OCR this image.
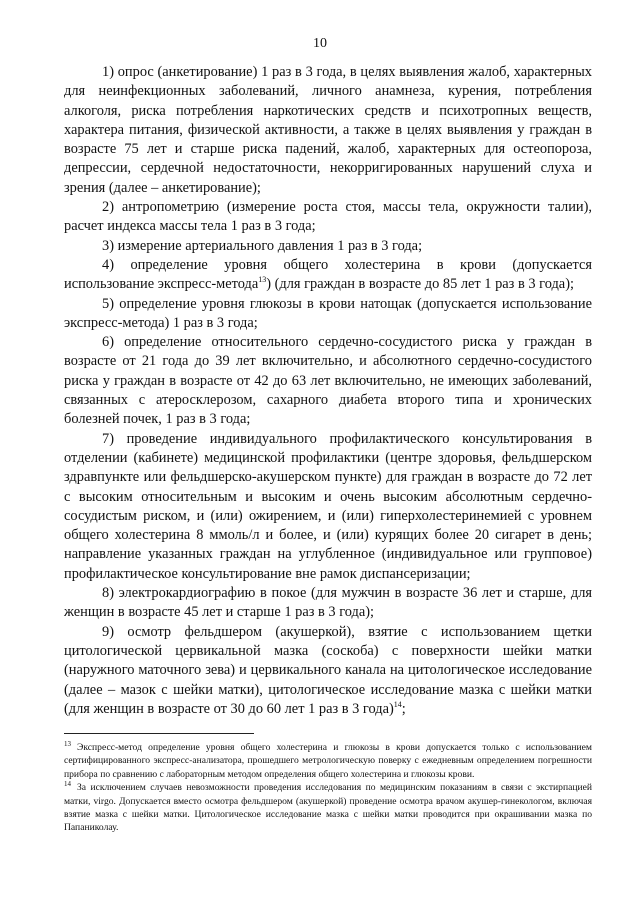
10

1) опрос (анкетирование) 1 раз в 3 года, в целях выявления жалоб, характерных для неинфекционных заболеваний, личного анамнеза, курения, потребления алкоголя, риска потребления наркотических средств и психотропных веществ, характера питания, физической активности, а также в целях выявления у граждан в возрасте 75 лет и старше риска падений, жалоб, характерных для остеопороза, депрессии, сердечной недостаточности, некорригированных нарушений слуха и зрения (далее – анкетирование);

2) антропометрию (измерение роста стоя, массы тела, окружности талии), расчет индекса массы тела 1 раз в 3 года;

3) измерение артериального давления 1 раз в 3 года;

4) определение уровня общего холестерина в крови (допускается использование экспресс-метода$^{13}$) (для граждан в возрасте до 85 лет 1 раз в 3 года);

5) определение уровня глюкозы в крови натощак (допускается использование экспресс-метода) 1 раз в 3 года;

6) определение относительного сердечно-сосудистого риска у граждан в возрасте от 21 года до 39 лет включительно, и абсолютного сердечно-сосудистого риска у граждан в возрасте от 42 до 63 лет включительно, не имеющих заболеваний, связанных с атеросклерозом, сахарного диабета второго типа и хронических болезней почек, 1 раз в 3 года;

7) проведение индивидуального профилактического консультирования в отделении (кабинете) медицинской профилактики (центре здоровья, фельдшерском здравпункте или фельдшерско-акушерском пункте) для граждан в возрасте до 72 лет с высоким относительным и высоким и очень высоким абсолютным сердечно-сосудистым риском, и (или) ожирением, и (или) гиперхолестеринемией с уровнем общего холестерина 8 ммоль/л и более, и (или) курящих более 20 сигарет в день; направление указанных граждан на углубленное (индивидуальное или групповое) профилактическое консультирование вне рамок диспансеризации;

8) электрокардиографию в покое (для мужчин в возрасте 36 лет и старше, для женщин в возрасте 45 лет и старше 1 раз в 3 года);

9) осмотр фельдшером (акушеркой), взятие с использованием щетки цитологической цервикальной мазка (соскоба) с поверхности шейки матки (наружного маточного зева) и цервикального канала на цитологическое исследование (далее – мазок с шейки матки), цитологическое исследование мазка с шейки матки (для женщин в возрасте от 30 до 60 лет 1 раз в 3 года)$^{14}$;

$^{13}$ Экспресс-метод определение уровня общего холестерина и глюкозы в крови допускается только с использованием сертифицированного экспресс-анализатора, прошедшего метрологическую поверку с ежедневным определением погрешности прибора по сравнению с лабораторным методом определения общего холестерина и глюкозы крови.

$^{14}$ За исключением случаев невозможности проведения исследования по медицинским показаниям в связи с экстирпацией матки, virgo. Допускается вместо осмотра фельдшером (акушеркой) проведение осмотра врачом акушер-гинекологом, включая взятие мазка с шейки матки. Цитологическое исследование мазка с шейки матки проводится при окрашивании мазка по Папаниколау.
